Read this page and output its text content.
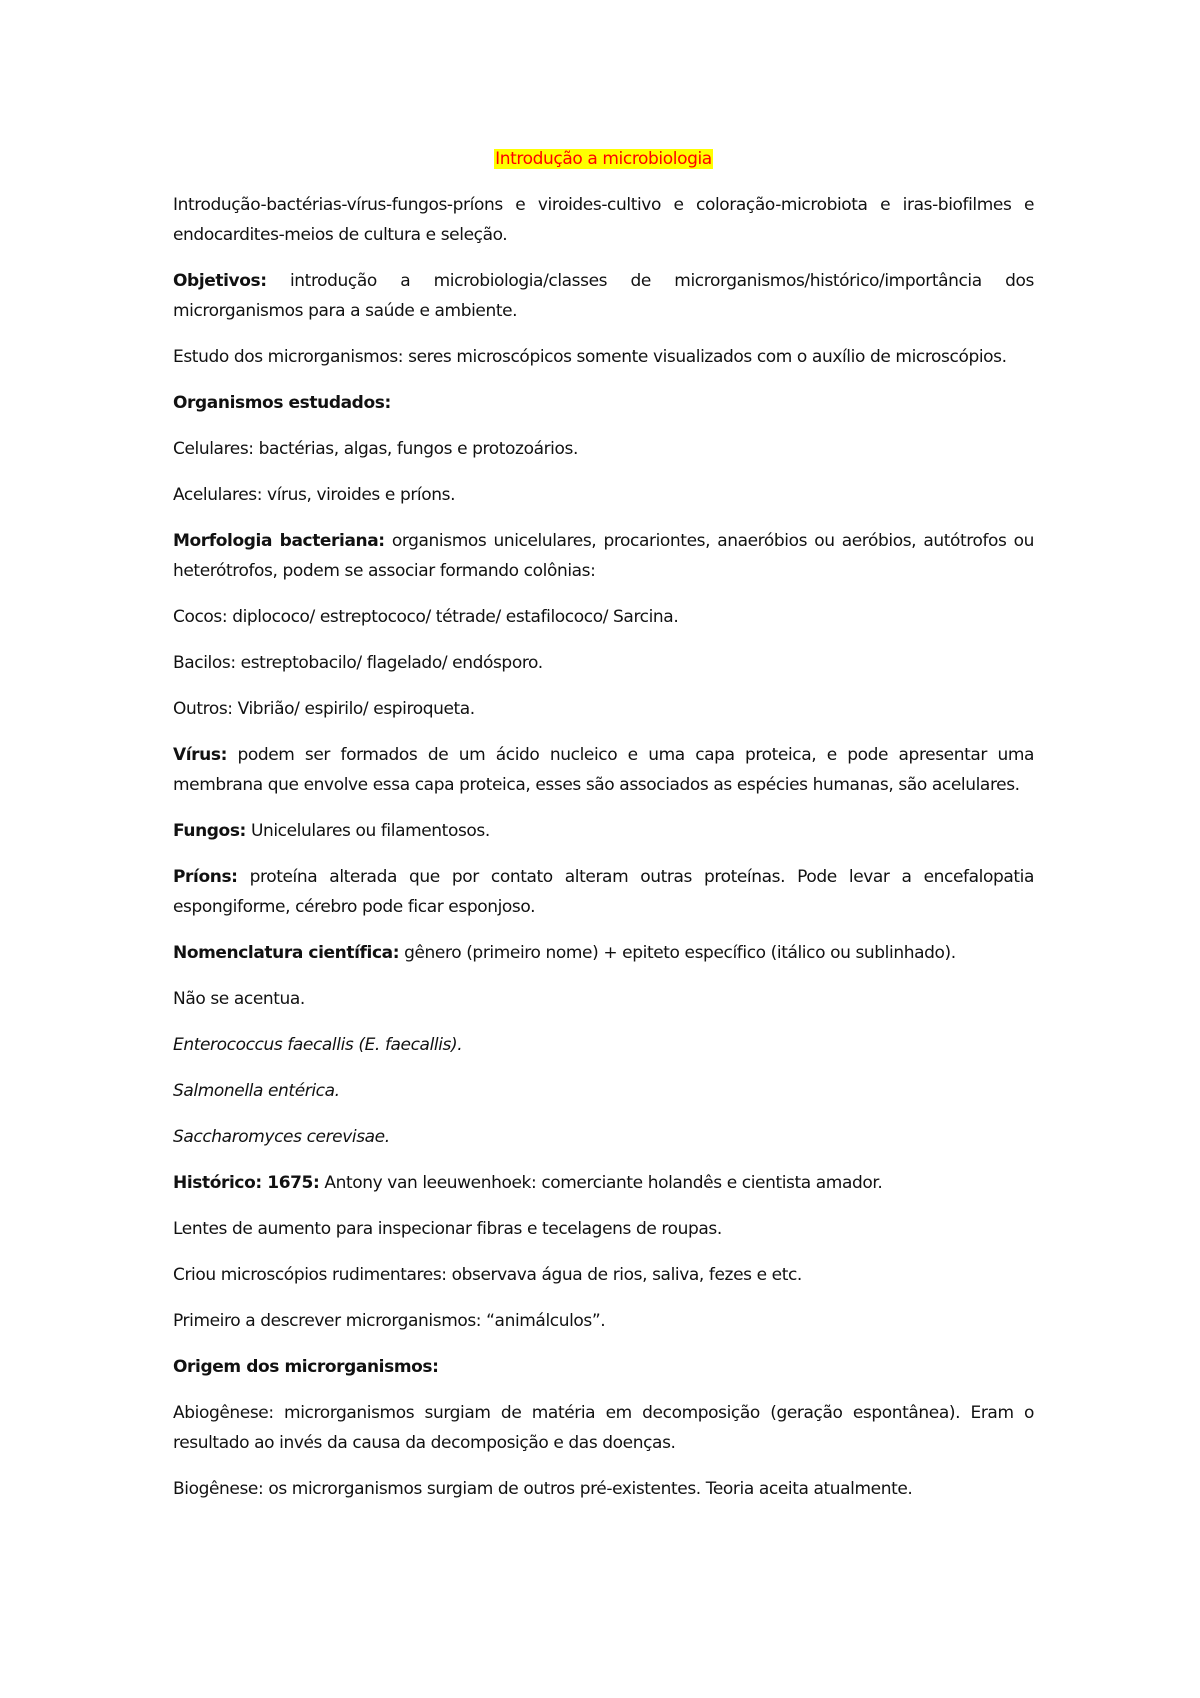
Introdução a microbiologia

Introdução-bactérias-vírus-fungos-príons e viroides-cultivo e coloração-microbiota e iras-biofilmes e endocardites-meios de cultura e seleção.

Objetivos: introdução a microbiologia/classes de microrganismos/histórico/importância dos microrganismos para a saúde e ambiente.

Estudo dos microrganismos: seres microscópicos somente visualizados com o auxílio de microscópios.

Organismos estudados:

Celulares: bactérias, algas, fungos e protozoários.

Acelulares: vírus, viroides e príons.

Morfologia bacteriana: organismos unicelulares, procariontes, anaeróbios ou aeróbios, autótrofos ou heterótrofos, podem se associar formando colônias:

Cocos: diplococo/ estreptococo/ tétrade/ estafilococo/ Sarcina.

Bacilos: estreptobacilo/ flagelado/ endósporo.

Outros: Vibrião/ espirilo/ espiroqueta.

Vírus: podem ser formados de um ácido nucleico e uma capa proteica, e pode apresentar uma membrana que envolve essa capa proteica, esses são associados as espécies humanas, são acelulares.

Fungos: Unicelulares ou filamentosos.

Príons: proteína alterada que por contato alteram outras proteínas. Pode levar a encefalopatia espongiforme, cérebro pode ficar esponjoso.

Nomenclatura científica: gênero (primeiro nome) + epiteto específico (itálico ou sublinhado).

Não se acentua.

Enterococcus faecallis (E. faecallis).

Salmonella entérica.

Saccharomyces cerevisae.

Histórico: 1675: Antony van leeuwenhoek: comerciante holandês e cientista amador.

Lentes de aumento para inspecionar fibras e tecelagens de roupas.

Criou microscópios rudimentares: observava água de rios, saliva, fezes e etc.

Primeiro a descrever microrganismos: “animálculos”.

Origem dos microrganismos:

Abiogênese: microrganismos surgiam de matéria em decomposição (geração espontânea). Eram o resultado ao invés da causa da decomposição e das doenças.

Biogênese: os microrganismos surgiam de outros pré-existentes. Teoria aceita atualmente.
